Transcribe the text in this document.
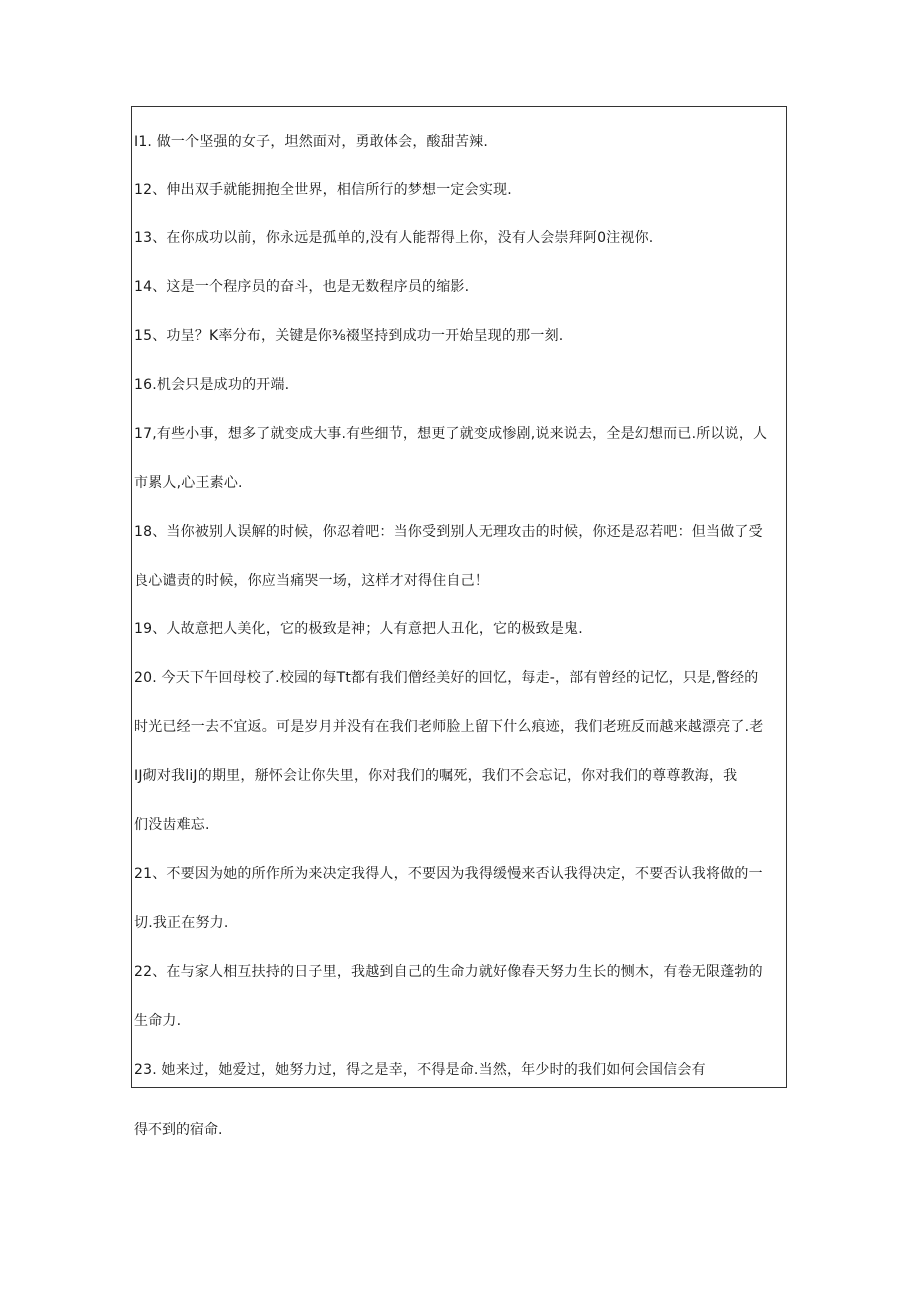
I1. 做一个坚强的女子，坦然面对，勇敢体会，酸甜苦辣.
12、伸出双手就能拥抱全世界，相信所行的梦想一定会实现.
13、在你成功以前，你永远是孤单的,没有人能帮得上你，没有人会崇拜阿0注视你.
14、这是一个程序员的奋斗，也是无数程序员的缩影.
15、功呈？K率分布，关键是你⅜裰坚持到成功一开始呈现的那一刻.
16.机会只是成功的开端.
17,有些小事，想多了就变成大事.有些细节，想更了就变成惨剧,说来说去，全是幻想而已.所以说，人
市累人,心王素心.
18、当你被别人误解的时候，你忍着吧：当你受到别人无理攻击的时候，你还是忍若吧：但当做了受
良心谴责的时候，你应当痛哭一场，这样才对得住自己！
19、人故意把人美化，它的极致是神；人有意把人丑化，它的极致是鬼.
20. 今天下午回母校了.校园的每Tt都有我们僧经美好的回忆，每走-，部有曾经的记忆，只是,瞥经的
时光已经一去不宜返。可是岁月并没有在我们老师脸上留下什么痕迹，我们老班反而越来越漂亮了.老
IJ砌对我liJ的期里，掰怀会让你失里，你对我们的嘱死，我们不会忘记，你对我们的尊尊教海，我
们没齿难忘.
21、不要因为她的所作所为来决定我得人，不要因为我得缓慢来否认我得决定，不要否认我将做的一
切.我正在努力.
22、在与家人相互扶持的日子里，我越到自己的生命力就好像春天努力生长的恻木，有卷无限蓬勃的
生命力.
23. 她来过，她爱过，她努力过，得之是幸，不得是命.当然，年少时的我们如何会国信会有
得不到的宿命.
